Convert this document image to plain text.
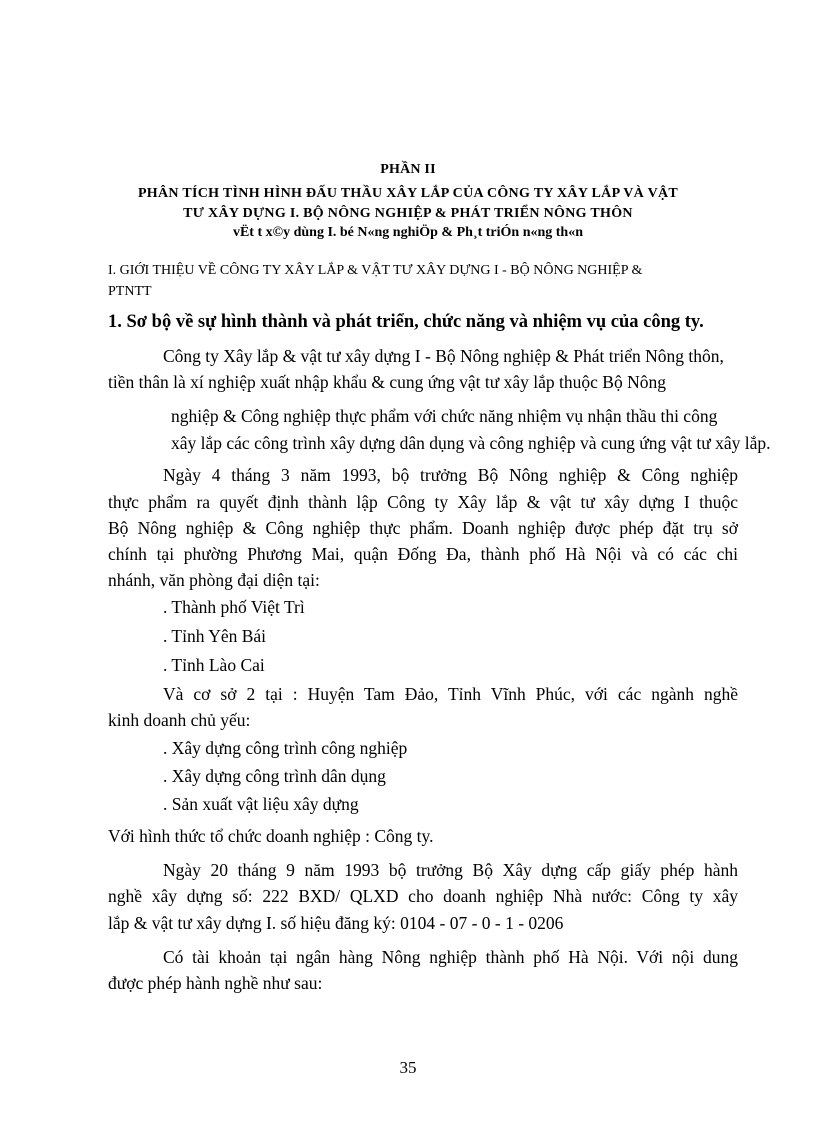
PHẦN II
PHÂN TÍCH TÌNH HÌNH ĐẤU THẦU XÂY LẮP CỦA CÔNG TY XÂY LẮP VÀ VẬT
TƯ XÂY DỰNG I. BỘ NÔNG NGHIỆP & PHÁT TRIỂN NÔNG THÔN
vËt t x©y dùng I. bé N«ng nghiÖp & Ph¸t triÓn n«ng th«n
I. GIỚI THIỆU VỀ CÔNG TY XÂY LẮP & VẬT TƯ XÂY DỰNG I - BỘ NÔNG NGHIỆP &
PTNTT
1. Sơ bộ về sự hình thành và phát triển, chức năng và nhiệm vụ của công ty.
Công ty Xây lắp & vật tư xây dựng I - Bộ Nông nghiệp & Phát triển Nông thôn,
tiền thân là xí nghiệp xuất nhập khẩu & cung ứng vật tư xây lắp thuộc Bộ Nông
nghiệp & Công nghiệp thực phẩm với chức năng nhiệm vụ nhận thầu thi công
xây lắp các công trình xây dựng dân dụng và công nghiệp và cung ứng vật tư xây lắp.
Ngày 4 tháng 3 năm 1993, bộ trưởng Bộ Nông nghiệp & Công nghiệp
thực phẩm ra quyết định thành lập Công ty Xây lắp & vật tư xây dựng I thuộc
Bộ Nông nghiệp & Công nghiệp thực phẩm. Doanh nghiệp được phép đặt trụ sở
chính tại phường Phương Mai, quận Đống Đa, thành phố Hà Nội và có các chi
nhánh, văn phòng đại diện tại:
. Thành phố Việt Trì
. Tỉnh Yên Bái
. Tỉnh Lào Cai
Và cơ sở 2 tại : Huyện Tam Đảo, Tỉnh Vĩnh Phúc, với các ngành nghề
kinh doanh chủ yếu:
. Xây dựng công trình công nghiệp
. Xây dựng công trình dân dụng
. Sản xuất vật liệu xây dựng
Với hình thức tổ chức doanh nghiệp : Công ty.
Ngày 20 tháng 9 năm 1993 bộ trưởng Bộ Xây dựng cấp giấy phép hành
nghề xây dựng số: 222 BXD/ QLXD cho doanh nghiệp Nhà nước: Công ty xây
lắp & vật tư xây dựng I. số hiệu đăng ký: 0104 - 07 - 0 - 1 - 0206
Có tài khoản tại ngân hàng Nông nghiệp thành phố Hà Nội. Với nội dung
được phép hành nghề như sau:
35
